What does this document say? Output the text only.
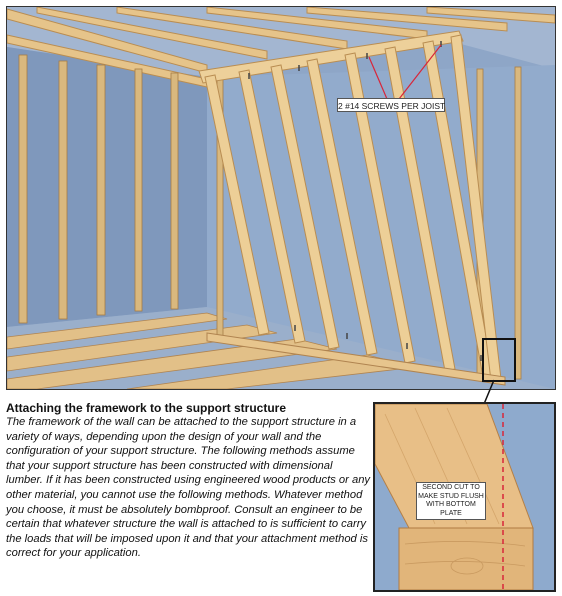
2 #14 SCREWS PER JOIST
Attaching the framework to the support structure
The framework of the wall can be attached to the support structure in a variety of ways, depending upon the design of your wall and the configuration of your support structure. The following methods assume that your support structure has been constructed with dimensional lumber. If it has been constructed using engineered wood products or any other material, you cannot use the following methods. Whatever method you choose, it must be absolutely bombproof. Consult an engineer to be certain that whatever structure the wall is attached to is sufficient to carry the loads that will be imposed upon it and that your attachment method is correct for your application.
SECOND CUT TO MAKE STUD FLUSH WITH BOTTOM PLATE
